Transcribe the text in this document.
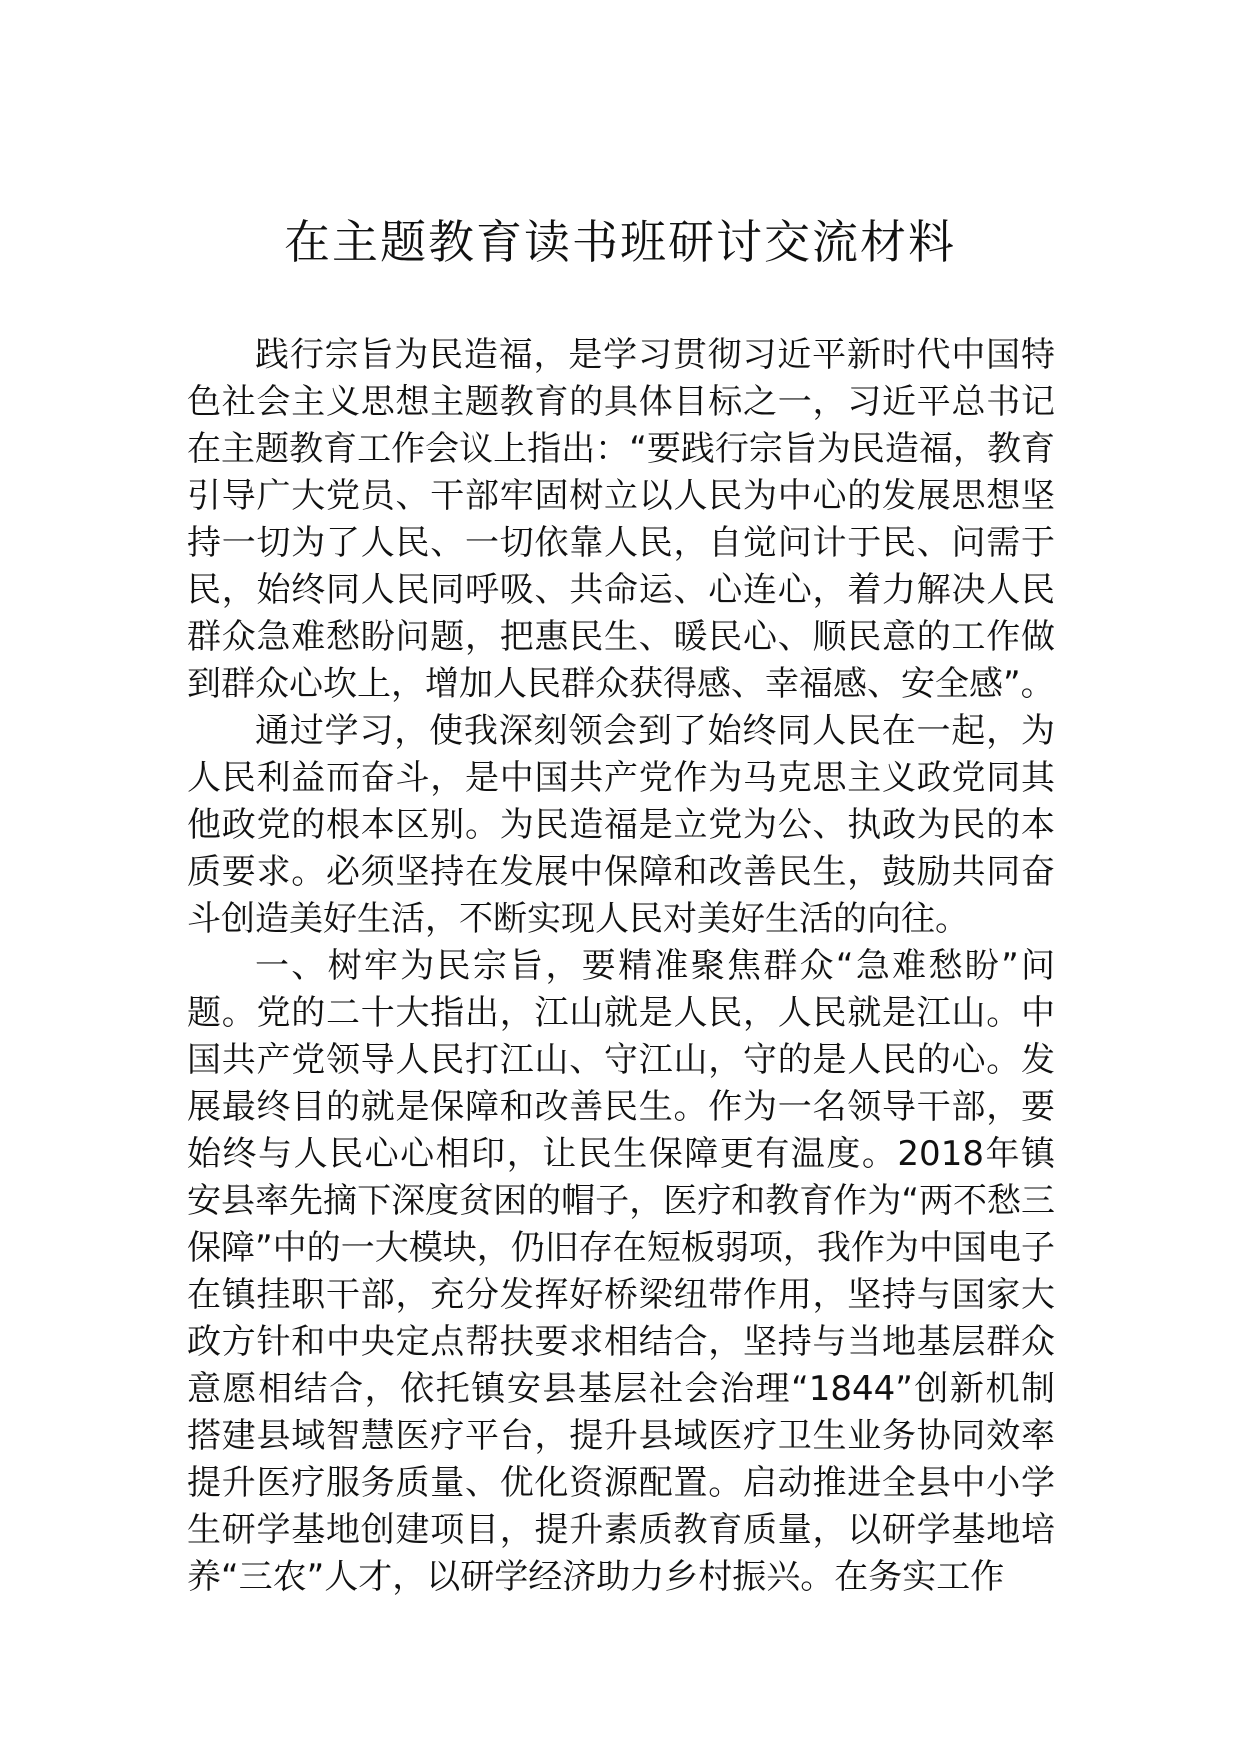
在主题教育读书班研讨交流材料

践行宗旨为民造福，是学习贯彻习近平新时代中国特色社会主义思想主题教育的具体目标之一，习近平总书记在主题教育工作会议上指出：“要践行宗旨为民造福，教育引导广大党员、干部牢固树立以人民为中心的发展思想坚持一切为了人民、一切依靠人民，自觉问计于民、问需于民，始终同人民同呼吸、共命运、心连心，着力解决人民群众急难愁盼问题，把惠民生、暖民心、顺民意的工作做到群众心坎上，增加人民群众获得感、幸福感、安全感”。

通过学习，使我深刻领会到了始终同人民在一起，为人民利益而奋斗，是中国共产党作为马克思主义政党同其他政党的根本区别。为民造福是立党为公、执政为民的本质要求。必须坚持在发展中保障和改善民生，鼓励共同奋斗创造美好生活，不断实现人民对美好生活的向往。

一、树牢为民宗旨，要精准聚焦群众“急难愁盼”问题。党的二十大指出，江山就是人民，人民就是江山。中国共产党领导人民打江山、守江山，守的是人民的心。发展最终目的就是保障和改善民生。作为一名领导干部，要始终与人民心心相印，让民生保障更有温度。2018年镇安县率先摘下深度贫困的帽子，医疗和教育作为“两不愁三保障”中的一大模块，仍旧存在短板弱项，我作为中国电子在镇挂职干部，充分发挥好桥梁纽带作用，坚持与国家大政方针和中央定点帮扶要求相结合，坚持与当地基层群众意愿相结合，依托镇安县基层社会治理“1844”创新机制搭建县域智慧医疗平台，提升县域医疗卫生业务协同效率提升医疗服务质量、优化资源配置。启动推进全县中小学生研学基地创建项目，提升素质教育质量，以研学基地培养“三农”人才，以研学经济助力乡村振兴。在务实工作
